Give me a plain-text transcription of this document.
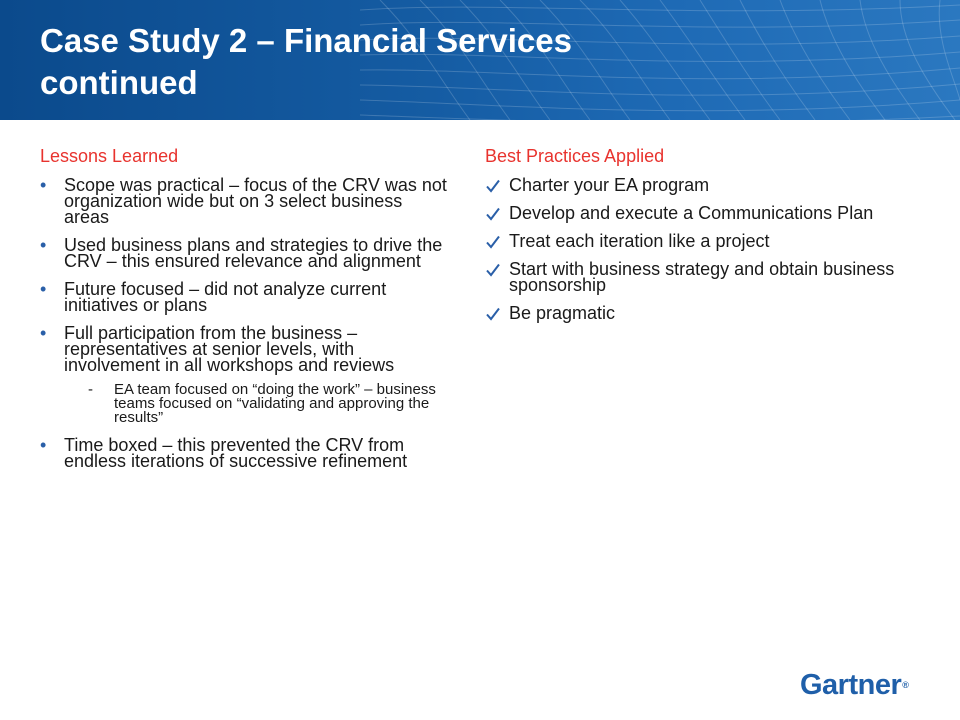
Case Study 2 – Financial Services
continued
Lessons Learned
• Scope was practical – focus of the CRV was not organization wide but on 3 select business areas
• Used business plans and strategies to drive the CRV – this ensured relevance and alignment
• Future focused – did not analyze current initiatives or plans
• Full participation from the business – representatives at senior levels, with involvement in all workshops and reviews
- EA team focused on “doing the work” – business teams focused on “validating and approving the results”
• Time boxed – this prevented the CRV from endless iterations of successive refinement
Best Practices Applied
Charter your EA program
Develop and execute a Communications Plan
Treat each iteration like a project
Start with business strategy and obtain business sponsorship
Be pragmatic
Gartner®
